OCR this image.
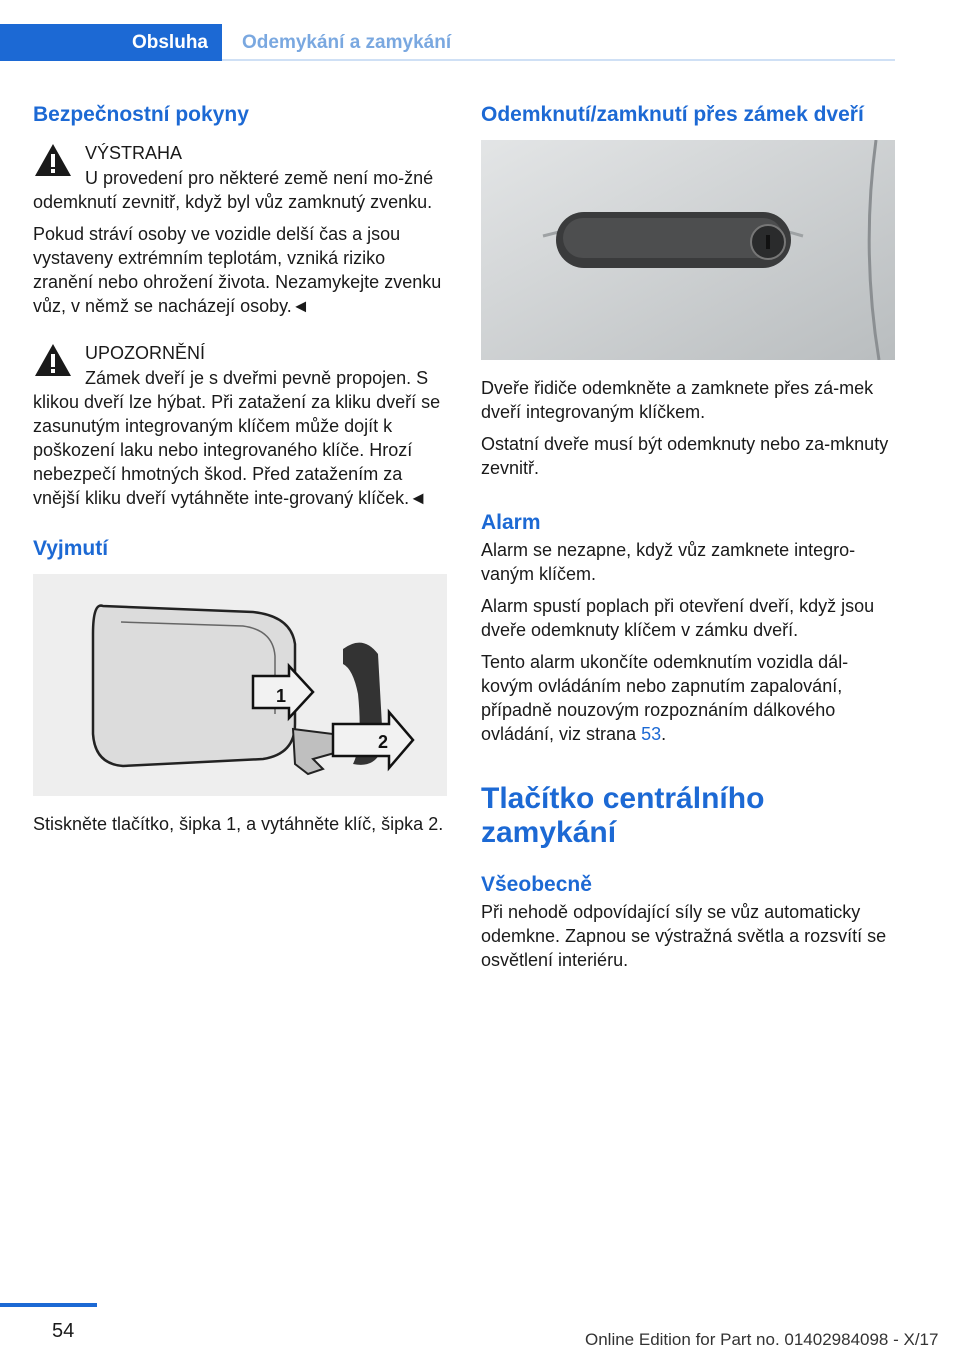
Obsluha	Odemykání a zamykání
Bezpečnostní pokyny
VÝSTRAHA

U provedení pro některé země není mo‐žné odemknutí zevnitř, když byl vůz zamknutý zvenku.

Pokud stráví osoby ve vozidle delší čas a jsou vystaveny extrémním teplotám, vzniká riziko zranění nebo ohrožení života. Nezamykejte zvenku vůz, v němž se nacházejí osoby.◄

UPOZORNĚNÍ

Zámek dveří je s dveřmi pevně propojen. S klikou dveří lze hýbat. Při zatažení za kliku dveří se zasunutým integrovaným klíčem může dojít k poškození laku nebo integrovaného klíče. Hrozí nebezpečí hmotných škod. Před zatažením za vnější kliku dveří vytáhněte inte‐grovaný klíček.◄

Vyjmutí
1
2

Stiskněte tlačítko, šipka 1, a vytáhněte klíč, šipka 2.

Odemknutí/zamknutí přes zámek dveří

Dveře řidiče odemkněte a zamknete přes zá‐mek dveří integrovaným klíčkem.

Ostatní dveře musí být odemknuty nebo za‐mknuty zevnitř.

Alarm

Alarm se nezapne, když vůz zamknete integro‐vaným klíčem.

Alarm spustí poplach při otevření dveří, když jsou dveře odemknuty klíčem v zámku dveří.

Tento alarm ukončíte odemknutím vozidla dál‐kovým ovládáním nebo zapnutím zapalování, případně nouzovým rozpoznáním dálkového ovládání, viz strana 53.

Tlačítko centrálního zamykání
Všeobecně

Při nehodě odpovídající síly se vůz automaticky odemkne. Zapnou se výstražná světla a rozsvítí se osvětlení interiéru.

54	Online Edition for Part no. 01402984098 - X/17
